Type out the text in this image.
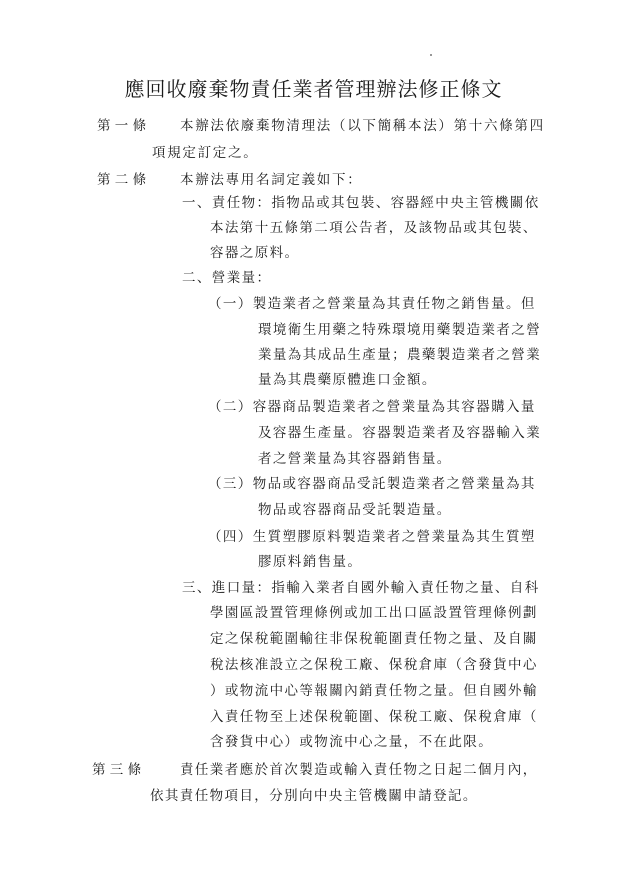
應回收廢棄物責任業者管理辦法修正條文
第 一 條	本辦法依廢棄物清理法（以下簡稱本法）第十六條第四
項規定訂定之。
第 二 條	本辦法專用名詞定義如下：
一、責任物：指物品或其包裝、容器經中央主管機關依
本法第十五條第二項公告者，及該物品或其包裝、
容器之原料。
二、營業量：
（一）製造業者之營業量為其責任物之銷售量。但
環境衛生用藥之特殊環境用藥製造業者之營
業量為其成品生產量；農藥製造業者之營業
量為其農藥原體進口金額。
（二）容器商品製造業者之營業量為其容器購入量
及容器生產量。容器製造業者及容器輸入業
者之營業量為其容器銷售量。
（三）物品或容器商品受託製造業者之營業量為其
物品或容器商品受託製造量。
（四）生質塑膠原料製造業者之營業量為其生質塑
膠原料銷售量。
三、進口量：指輸入業者自國外輸入責任物之量、自科
學園區設置管理條例或加工出口區設置管理條例劃
定之保稅範圍輸往非保稅範圍責任物之量、及自關
稅法核准設立之保稅工廠、保稅倉庫（含發貨中心
）或物流中心等報關內銷責任物之量。但自國外輸
入責任物至上述保稅範圍、保稅工廠、保稅倉庫（
含發貨中心）或物流中心之量，不在此限。
第 三 條	責任業者應於首次製造或輸入責任物之日起二個月內，
依其責任物項目，分別向中央主管機關申請登記。
